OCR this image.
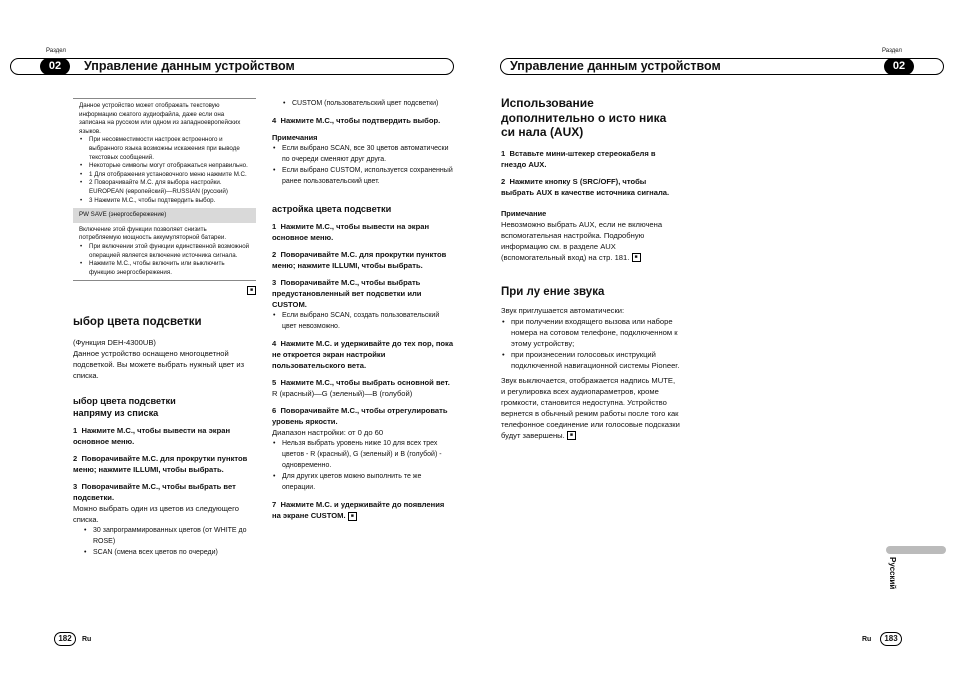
Раздел	Раздел
02	Управление данным устройством	02
Управление данным устройством
Данное устройство может отображать текстовую информацию сжатого аудиофайла, даже если она записана на русском или одном из западноевропейских языков.
• При несовместимости настроек встроенного и выбранного языка возможны искажения при выводе текстовых сообщений.
• Некоторые символы могут отображаться неправильно.
• 1 Для отображения установочного меню нажмите M.C.
• 2 Поворачивайте M.C. для выбора настройки. EUROPEAN (европейский)—RUSSIAN (русский)
• 3 Нажмите M.C., чтобы подтвердить выбор.
PW SAVE (энергосбережение)
Включение этой функции позволяет снизить потребляемую мощность аккумуляторной батареи.
• При включении этой функции единственной возможной операцией является включение источника сигнала.
• Нажмите M.C., чтобы включить или выключить функцию энергосбережения.
■
ыбор цвета подсветки
(Функция DEH-4300UB)

Данное устройство оснащено многоцветной подсветкой. Вы можете выбрать нужный цвет из списка.

ыбор цвета подсветки
напряму из списка

1 Нажмите M.C., чтобы вывести на экран основное меню.

2 Поворачивайте M.C. для прокрутки пунктов меню; нажмите ILLUMI, чтобы выбрать.

3 Поворачивайте M.C., чтобы выбрать вет подсветки.
Можно выбрать один из цветов из следующего списка.
• 30 запрограммированных цветов (от WHITE до ROSE)
• SCAN (смена всех цветов по очереди)
• CUSTOM (пользовательский цвет подсветки)

4 Нажмите M.C., чтобы подтвердить выбор.

Примечания
• Если выбрано SCAN, все 30 цветов автоматически по очереди сменяют друг друга.
• Если выбрано CUSTOM, используется сохраненный ранее пользовательский цвет.
астройка цвета подсветки

1 Нажмите M.C., чтобы вывести на экран основное меню.

2 Поворачивайте M.C. для прокрутки пунктов меню; нажмите ILLUMI, чтобы выбрать.

3 Поворачивайте M.C., чтобы выбрать предустановленный вет подсветки или CUSTOM.

• Если выбрано SCAN, создать пользовательский цвет невозможно.

4 Нажмите M.C. и удерживайте до тех пор, пока не откроется экран настройки пользовательского вета.

5 Нажмите M.C., чтобы выбрать основной вет.

R (красный)—G (зеленый)—B (голубой)

6 Поворачивайте M.C., чтобы отрегулировать уровень яркости.
Диапазон настройки: от 0 до 60
• Нельзя выбрать уровень ниже 10 для всех трех цветов - R (красный), G (зеленый) и B (голубой) - одновременно.

• Для других цветов можно выполнить те же операции.

7 Нажмите M.C. и удерживайте до появления на экране CUSTOM. ■
Использование дополнительно о исто ника си нала (AUX)

1 Вставьте мини-штекер стереокабеля в гнездо AUX.

2 Нажмите кнопку S (SRC/OFF), чтобы выбрать AUX в качестве источника сигнала.

Примечание
Невозможно выбрать AUX, если не включена вспомогательная настройка. Подробную информацию см. в разделе AUX (вспомогательный вход) на стр. 181. ■
При лу ение звука
Звук приглушается автоматически:
• при получении входящего вызова или наборе номера на сотовом телефоне, подключенном к этому устройству;
• при произнесении голосовых инструкций подключенной навигационной системы Pioneer.
Звук выключается, отображается надпись MUTE, и регулировка всех аудиопараметров, кроме громкости, становится недоступна. Устройство вернется в обычный режим работы после того как телефонное соединение или голосовые подсказки будут завершены. ■
Русский
182	Ru	Ru	183
